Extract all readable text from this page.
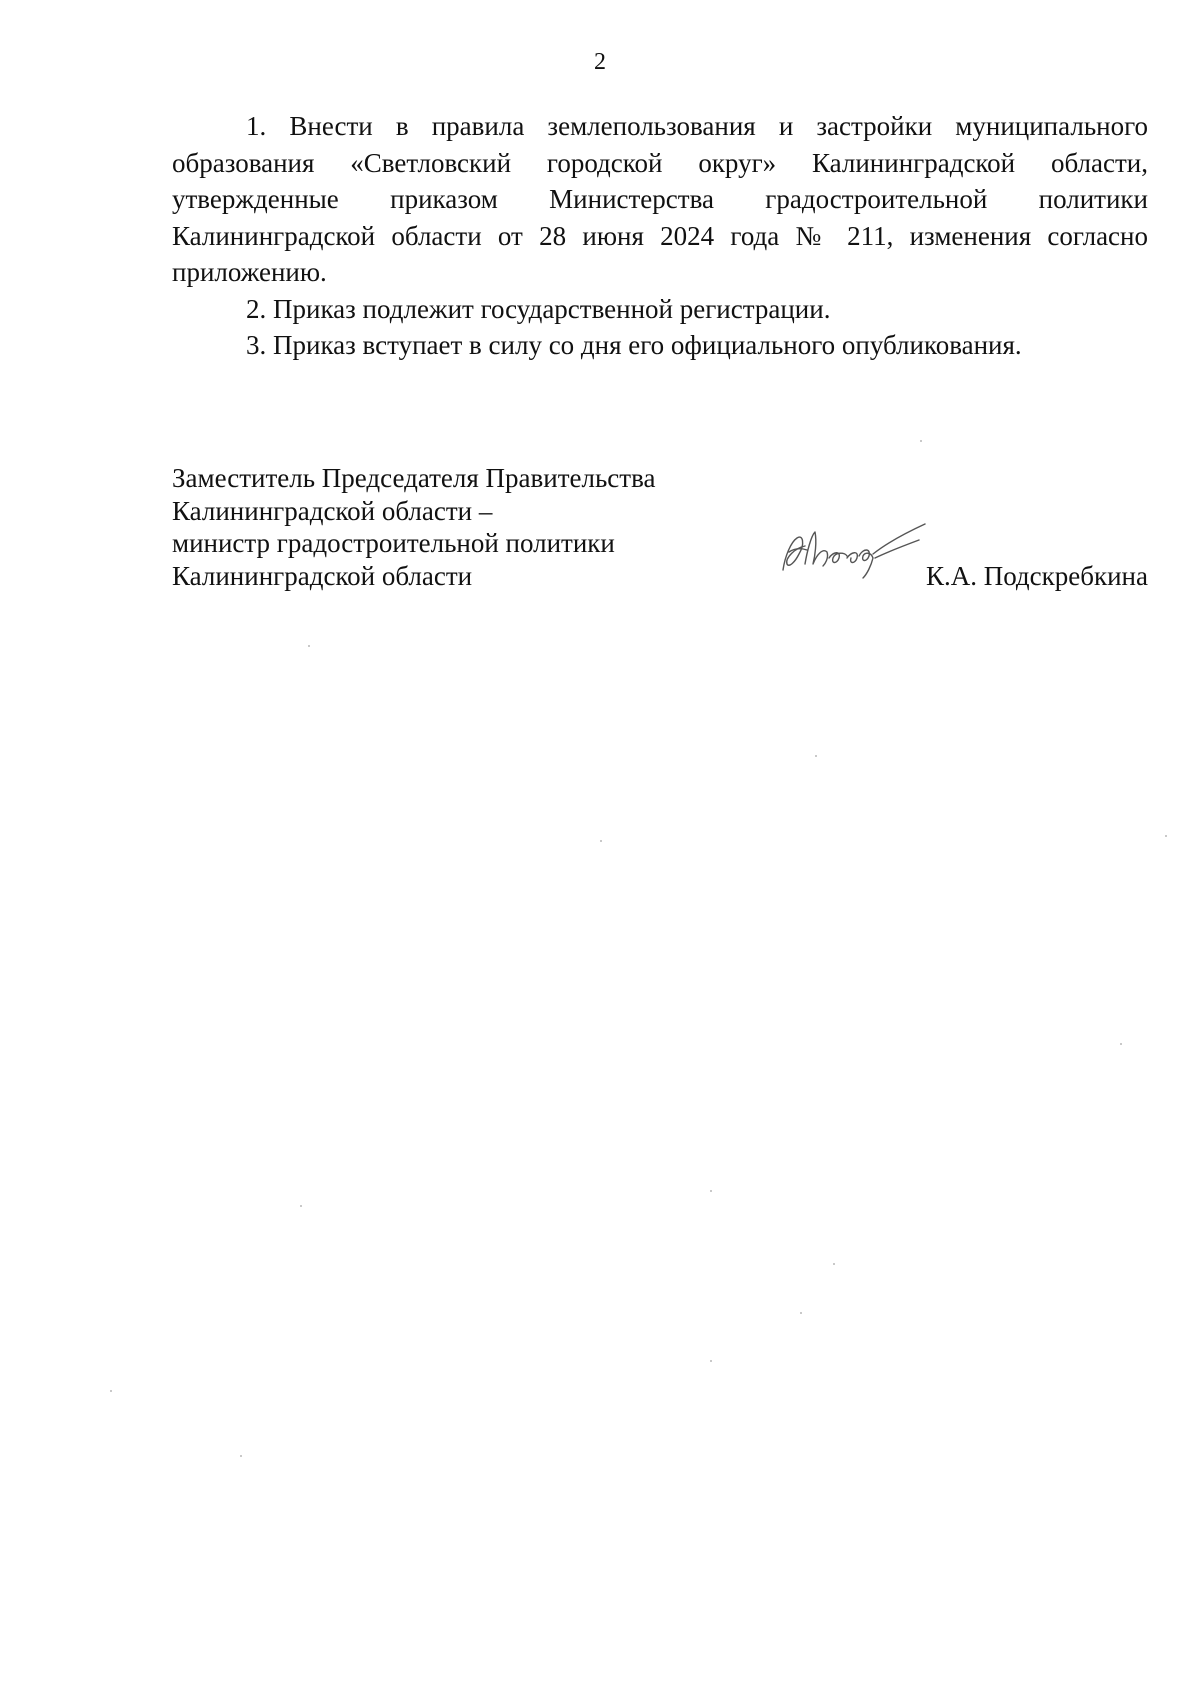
2

1. Внести в правила землепользования и застройки муниципального образования «Светловский городской округ» Калининградской области, утвержденные приказом Министерства градостроительной политики Калининградской области от 28 июня 2024 года № 211, изменения согласно приложению.

2. Приказ подлежит государственной регистрации.

3. Приказ вступает в силу со дня его официального опубликования.

Заместитель Председателя Правительства
Калининградской области –
министр градостроительной политики
Калининградской области	К.А. Подскребкина
